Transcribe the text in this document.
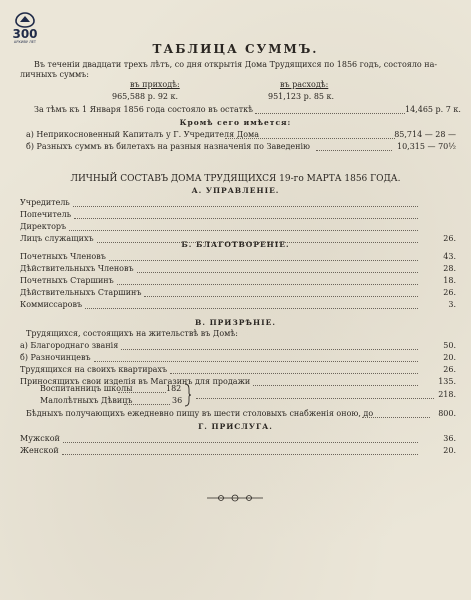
300
АРХИВУ ЛЕТ	ТАБЛИЦА СУММЪ.
Въ теченіи двадцати трехъ лѣтъ, со дня открытія Дома Трудящихся по 1856 годъ, состояло на-
личныхъ суммъ:
въ приходѣ:	въ расходѣ:
965,588 р. 92 к.	951,123 р. 85 к.
За тѣмъ къ 1 Января 1856 года состояло въ остаткѣ	14,465 р. 7 к.
Кромѣ сего имѣется:
а) Неприкосновенный Капиталъ у Г. Учредителя Дома	85,714 — 28 —
б) Разныхъ суммъ въ билетахъ на разныя назначенія по Заведенію	10,315 — 70½
ЛИЧНЫЙ СОСТАВЪ ДОМА ТРУДЯЩИХСЯ 19-го МАРТА 1856 ГОДА.
А. УПРАВЛЕНІЕ.
Учредитель
Попечитель
Директоръ
Лицъ служащихъ	26.
Б. БЛАГОТВОРЕНІЕ.
Почетныхъ Членовъ	43.
Дѣйствительныхъ Членовъ	28.
Почетныхъ Старшинъ	18.
Дѣйствительныхъ Старшинъ	26.
Коммиссаровъ	3.
В. ПРИЗРѢНІЕ.
Трудящихся, состоящихъ на жительствѣ въ Домѣ:
а) Благороднаго званія	50.
б) Разночинцевъ	20.
Трудящихся на своихъ квартирахъ	26.
Приносящихъ свои изделія въ Магазинъ для продажи	135.
Воспитанницъ школы	182
Малолѣтныхъ Дѣвицъ	36
218.
Бѣдныхъ получающихъ ежедневно пищу въ шести столовыхъ снабженія оною, до	800.
Г. ПРИСЛУГА.
Мужской	36.
Женской	20.
